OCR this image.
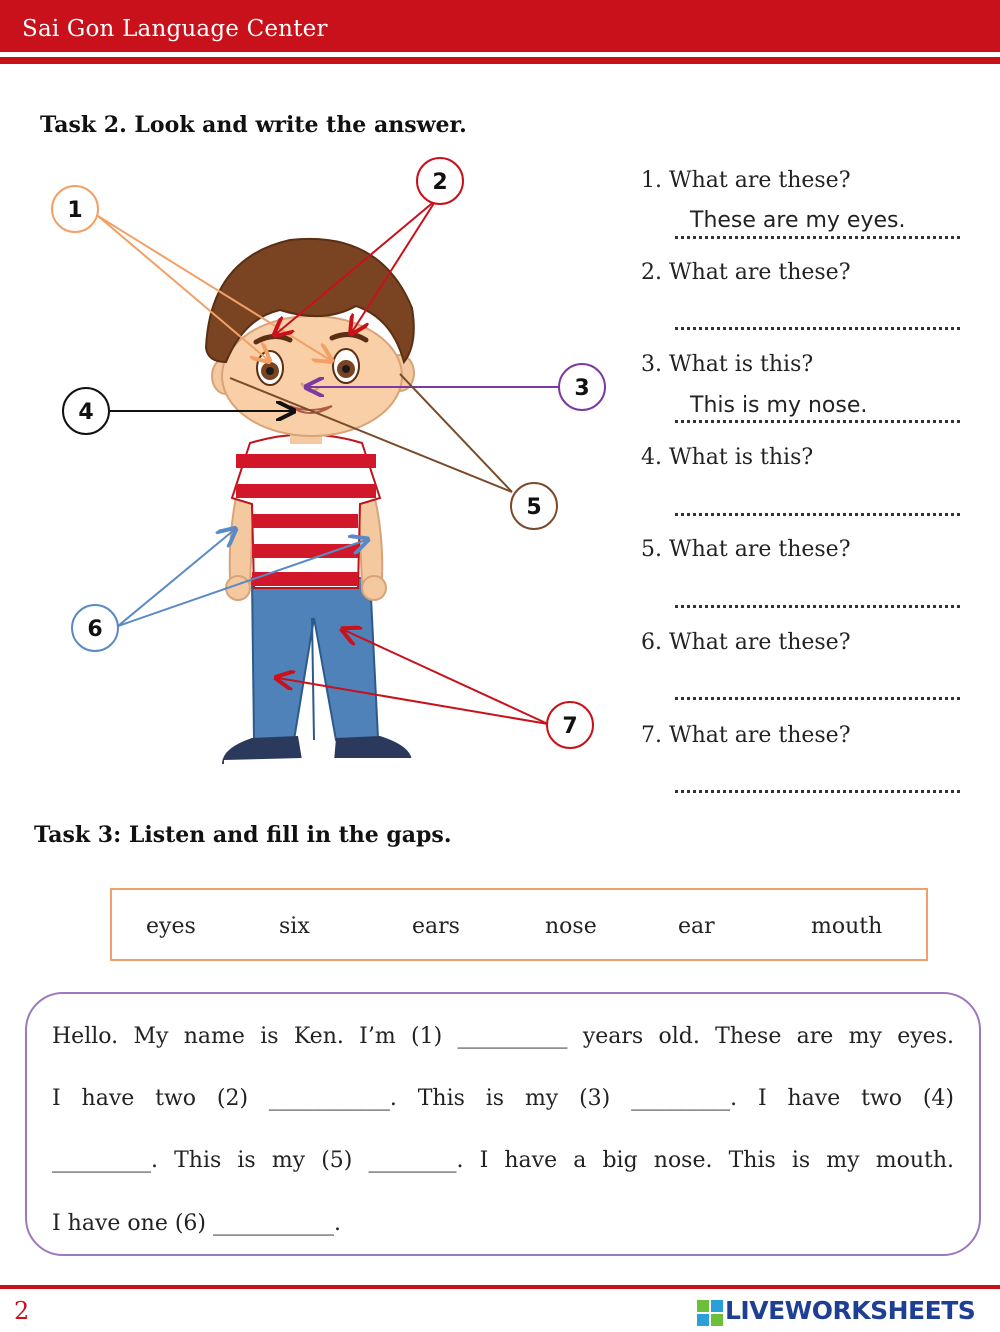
Sai Gon Language Center
Task 2. Look and write the answer.
1
2
3
4
5
6
7
1. What are these?
These are my eyes.
2. What are these?
3. What is this?
This is my nose.
4. What is this?
5. What are these?
6. What are these?
7. What are these?
Task 3: Listen and fill in the gaps.
eyes	six	ears	nose	ear	mouth
Hello. My name is Ken. I’m (1) __________ years old. These are my eyes.
I have two (2) ___________. This is my (3) _________. I have two (4)
_________. This is my (5) ________. I have a big nose. This is my mouth.
I have one (6) ___________.
2	LIVEWORKSHEETS
